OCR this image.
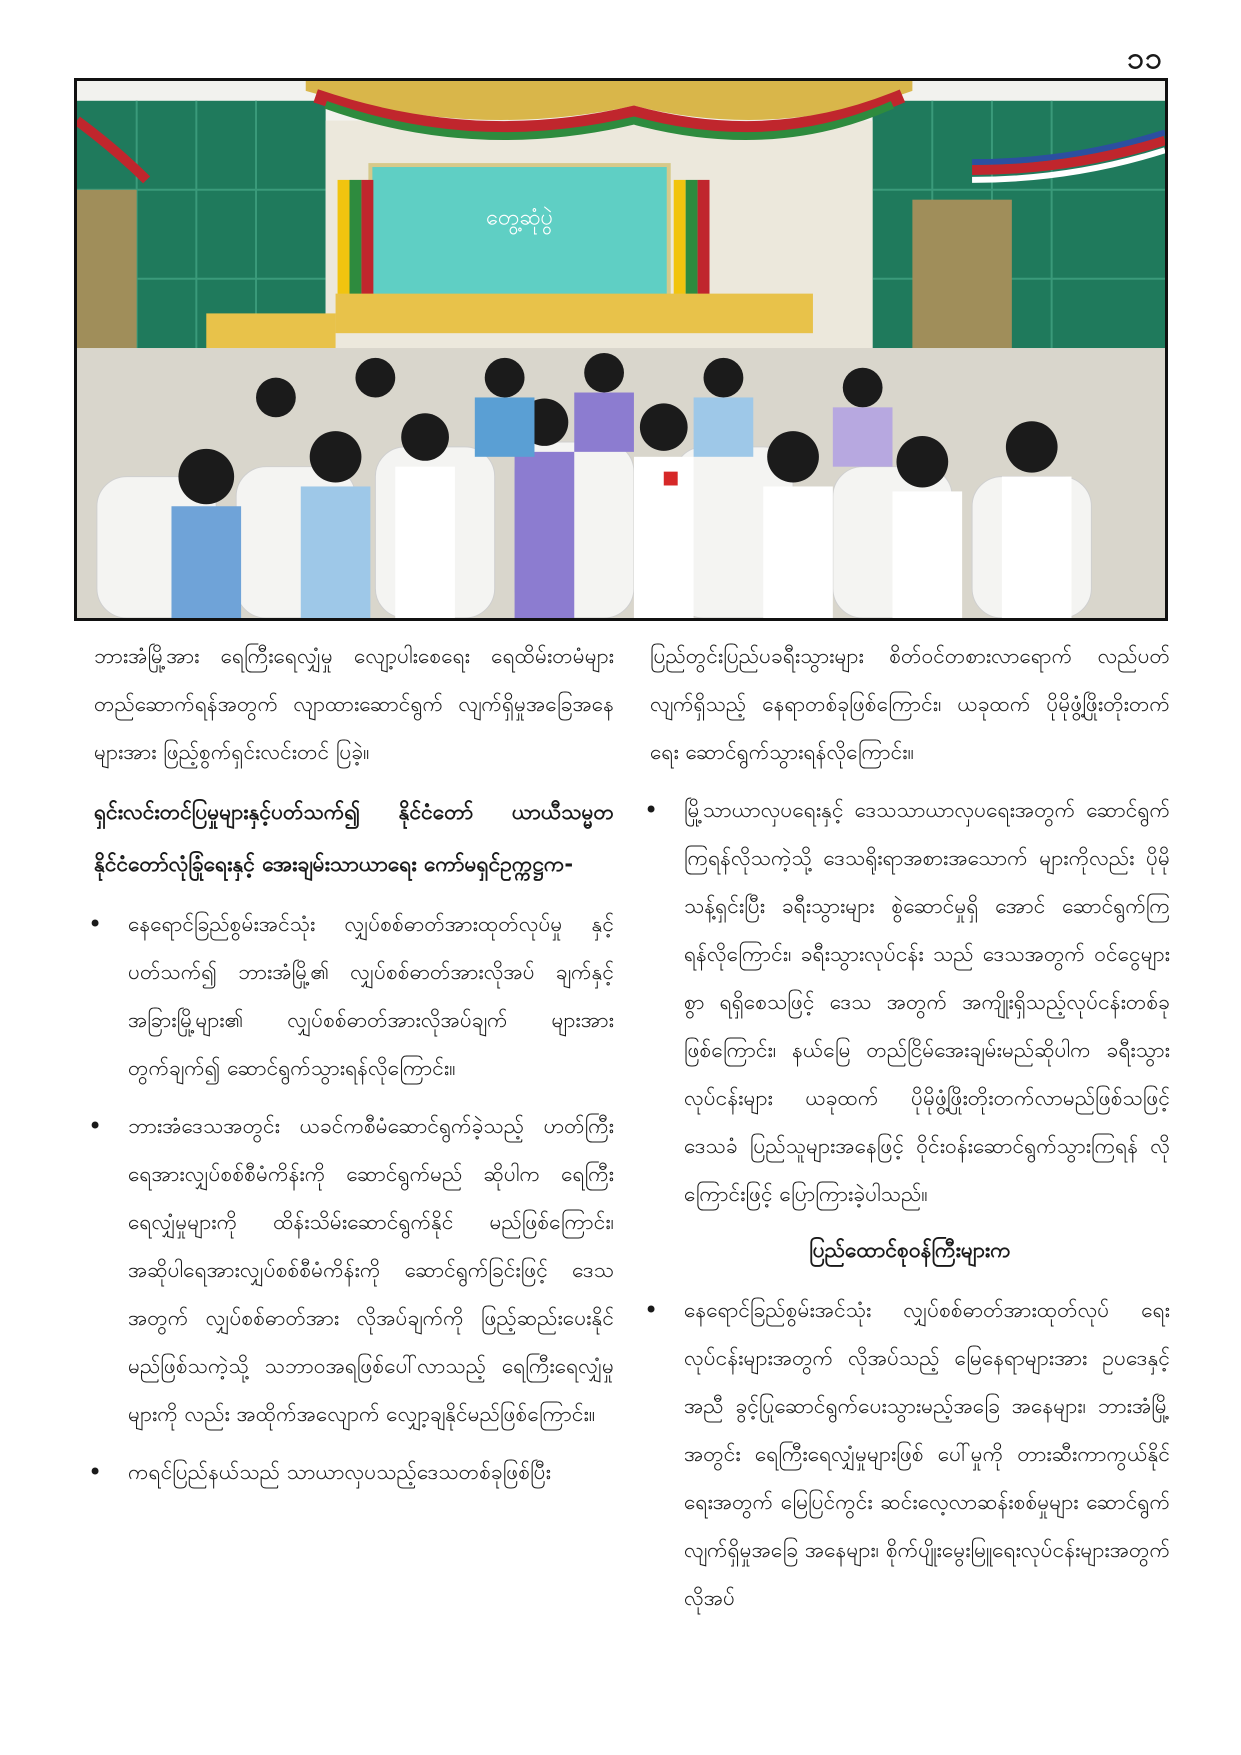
၁၁
တွေ့ဆုံပွဲ

ဘားအံမြို့အား ရေကြီးရေလျှံမှု လျော့ပါးစေရေး ရေထိမ်းတမံများ တည်ဆောက်ရန်အတွက် လျာထားဆောင်ရွက် လျက်ရှိမှုအခြေအနေများအား ဖြည့်စွက်ရှင်းလင်းတင် ပြခဲ့။

ရှင်းလင်းတင်ပြမှုများနှင့်ပတ်သက်၍ နိုင်ငံတော် ယာယီသမ္မတ နိုင်ငံတော်လုံခြုံရေးနှင့် အေးချမ်းသာယာရေး ကော်မရှင်ဥက္ကဋ္ဌက-

• နေရောင်ခြည်စွမ်းအင်သုံး လျှပ်စစ်ဓာတ်အားထုတ်လုပ်မှု နှင့်ပတ်သက်၍ ဘားအံမြို့၏ လျှပ်စစ်ဓာတ်အားလိုအပ် ချက်နှင့် အခြားမြို့များ၏ လျှပ်စစ်ဓာတ်အားလိုအပ်ချက် များအား တွက်ချက်၍ ဆောင်ရွက်သွားရန်လိုကြောင်း။

• ဘားအံဒေသအတွင်း ယခင်ကစီမံဆောင်ရွက်ခဲ့သည့် ဟတ်ကြီးရေအားလျှပ်စစ်စီမံကိန်းကို ဆောင်ရွက်မည် ဆိုပါက ရေကြီးရေလျှံမှုများကို ထိန်းသိမ်းဆောင်ရွက်နိုင် မည်ဖြစ်ကြောင်း၊ အဆိုပါရေအားလျှပ်စစ်စီမံကိန်းကို ဆောင်ရွက်ခြင်းဖြင့် ဒေသအတွက် လျှပ်စစ်ဓာတ်အား လိုအပ်ချက်ကို ဖြည့်ဆည်းပေးနိုင်မည်ဖြစ်သကဲ့သို့ သဘာဝအရဖြစ်ပေါ်လာသည့် ရေကြီးရေလျှံမှုများကို လည်း အထိုက်အလျောက် လျှော့ချနိုင်မည်ဖြစ်ကြောင်း။

• ကရင်ပြည်နယ်သည် သာယာလှပသည့်ဒေသတစ်ခုဖြစ်ပြီး

ပြည်တွင်းပြည်ပခရီးသွားများ စိတ်ဝင်တစားလာရောက် လည်ပတ်လျက်ရှိသည့် နေရာတစ်ခုဖြစ်ကြောင်း၊ ယခုထက် ပိုမိုဖွံ့ဖြိုးတိုးတက်ရေး ဆောင်ရွက်သွားရန်လိုကြောင်း။

• မြို့သာယာလှပရေးနှင့် ဒေသသာယာလှပရေးအတွက် ဆောင်ရွက်ကြရန်လိုသကဲ့သို့ ဒေသရိုးရာအစားအသောက် များကိုလည်း ပိုမိုသန့်ရှင်းပြီး ခရီးသွားများ စွဲဆောင်မှုရှိ အောင် ဆောင်ရွက်ကြရန်လိုကြောင်း၊ ခရီးသွားလုပ်ငန်း သည် ဒေသအတွက် ဝင်ငွေများစွာ ရရှိစေသဖြင့် ဒေသ အတွက် အကျိုးရှိသည့်လုပ်ငန်းတစ်ခုဖြစ်ကြောင်း၊ နယ်မြေ တည်ငြိမ်အေးချမ်းမည်ဆိုပါက ခရီးသွားလုပ်ငန်းများ ယခုထက် ပိုမိုဖွံ့ဖြိုးတိုးတက်လာမည်ဖြစ်သဖြင့် ဒေသခံ ပြည်သူများအနေဖြင့် ဝိုင်းဝန်းဆောင်ရွက်သွားကြရန် လိုကြောင်းဖြင့် ပြောကြားခဲ့ပါသည်။

ပြည်ထောင်စုဝန်ကြီးများက

• နေရောင်ခြည်စွမ်းအင်သုံး လျှပ်စစ်ဓာတ်အားထုတ်လုပ် ရေးလုပ်ငန်းများအတွက် လိုအပ်သည့် မြေနေရာများအား ဥပဒေနှင့်အညီ ခွင့်ပြုဆောင်ရွက်ပေးသွားမည့်အခြေ အနေများ၊ ဘားအံမြို့အတွင်း ရေကြီးရေလျှံမှုများဖြစ် ပေါ်မှုကို တားဆီးကာကွယ်နိုင်ရေးအတွက် မြေပြင်ကွင်း ဆင်းလေ့လာဆန်းစစ်မှုများ ဆောင်ရွက်လျက်ရှိမှုအခြေ အနေများ၊ စိုက်ပျိုးမွေးမြူရေးလုပ်ငန်းများအတွက် လိုအပ်
